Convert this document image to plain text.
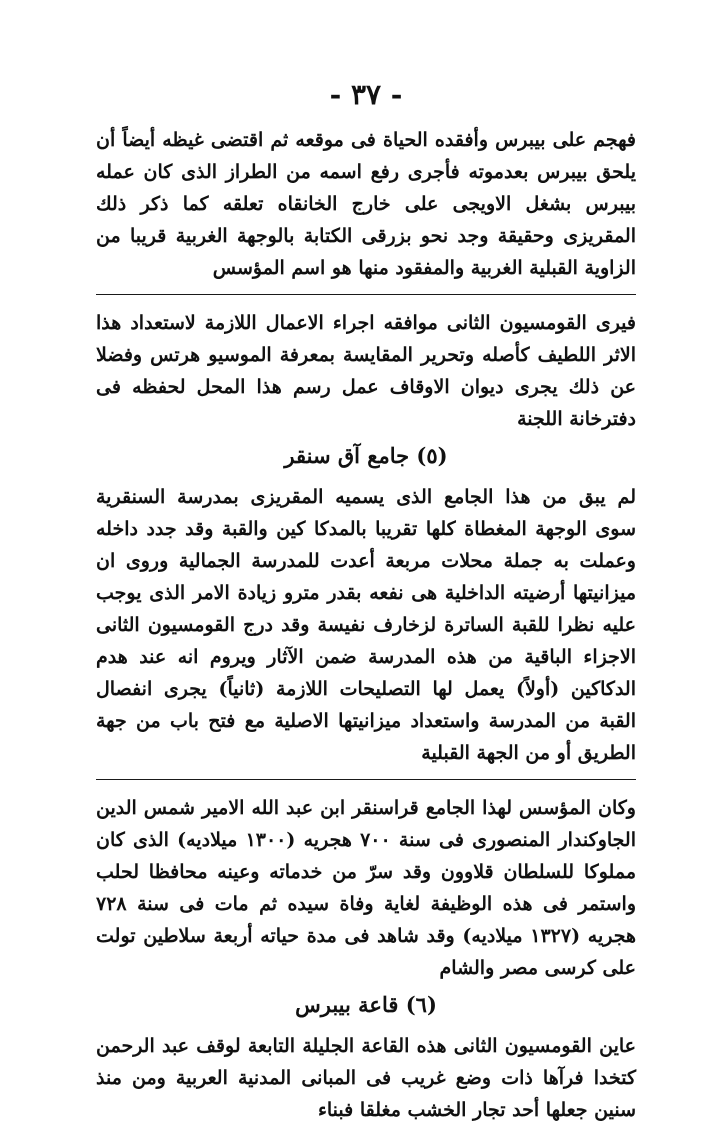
- ٣٧ -

فهجم على بيبرس وأفقده الحياة فى موقعه ثم اقتضى غيظه أيضاً أن يلحق بيبرس بعدموته فأجرى رفع اسمه من الطراز الذى كان عمله بيبرس بشغل الاويجى على خارج الخانقاه تعلقه كما ذكر ذلك المقريزى وحقيقة وجد نحو بزرقى الكتابة بالوجهة الغربية قريبا من الزاوية القبلية الغربية والمفقود منها هو اسم المؤسس

فيرى القومسيون الثانى موافقه اجراء الاعمال اللازمة لاستعداد هذا الاثر اللطيف كأصله وتحرير المقايسة بمعرفة الموسيو هرتس وفضلا عن ذلك يجرى ديوان الاوقاف عمل رسم هذا المحل لحفظه فى دفترخانة اللجنة

(٥) جامع آق سنقر

لم يبق من هذا الجامع الذى يسميه المقريزى بمدرسة السنقرية سوى الوجهة المغطاة كلها تقريبا بالمدكا كين والقبة وقد جدد داخله وعملت به جملة محلات مربعة أعدت للمدرسة الجمالية وروى ان ميزانيتها أرضيته الداخلية هى نفعه بقدر مترو زيادة الامر الذى يوجب عليه نظرا للقبة الساترة لزخارف نفيسة وقد درج القومسيون الثانى الاجزاء الباقية من هذه المدرسة ضمن الآثار ويروم انه عند هدم الدكاكين (أولاً) يعمل لها التصليحات اللازمة (ثانياً) يجرى انفصال القبة من المدرسة واستعداد ميزانيتها الاصلية مع فتح باب من جهة الطريق أو من الجهة القبلية

وكان المؤسس لهذا الجامع قراسنقر ابن عبد الله الامير شمس الدين الجاوكندار المنصورى فى سنة ٧٠٠ هجريه (١٣٠٠ ميلاديه) الذى كان مملوكا للسلطان قلاوون وقد سرّ من خدماته وعينه محافظا لحلب واستمر فى هذه الوظيفة لغاية وفاة سيده ثم مات فى سنة ٧٢٨ هجريه (١٣٢٧ ميلاديه) وقد شاهد فى مدة حياته أربعة سلاطين تولت على كرسى مصر والشام

(٦) قاعة بيبرس

عاين القومسيون الثانى هذه القاعة الجليلة التابعة لوقف عبد الرحمن كتخدا فرآها ذات وضع غريب فى المبانى المدنية العربية ومن منذ سنين جعلها أحد تجار الخشب مغلقا فبناء
